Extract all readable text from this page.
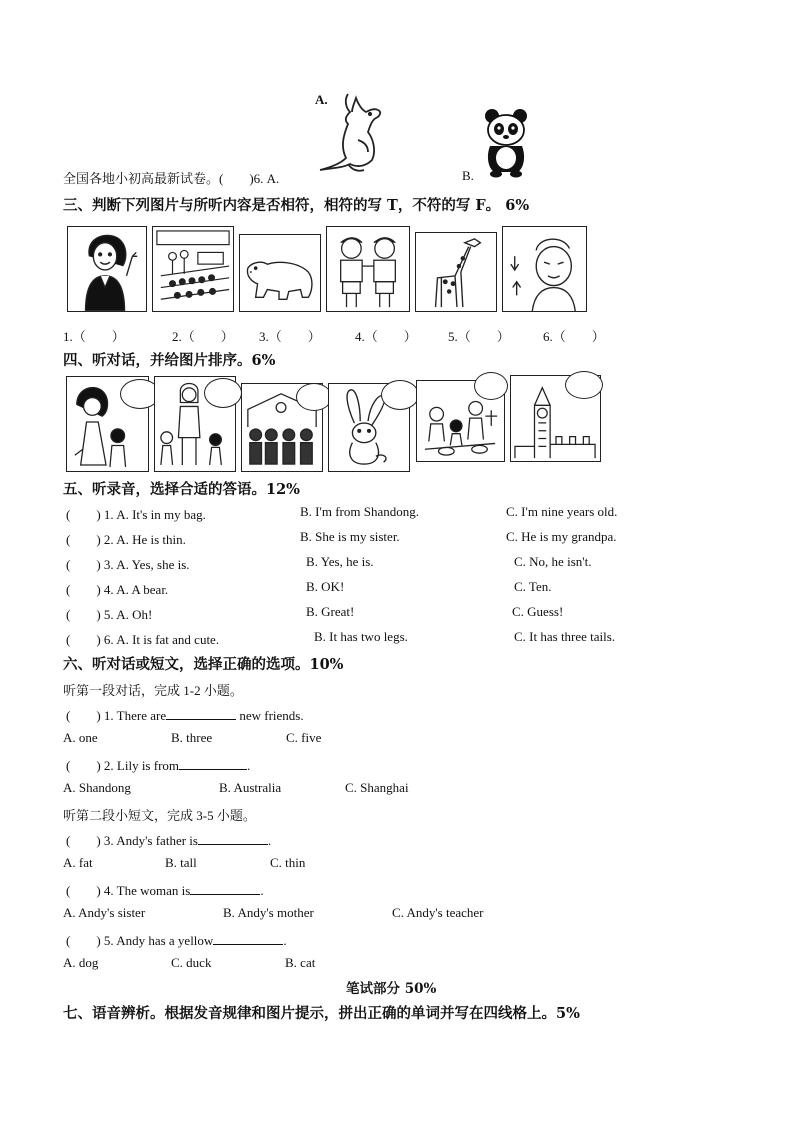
A.
全国各地小初高最新试卷。(　　)6. A.	B.
三、判断下列图片与所听内容是否相符，相符的写 T，不符的写 F。 6%
1.（　　）	2.（　　） 3.（　　）	4.（　　） 5.（　　）	6.（　　）
四、听对话，并给图片排序。6%
五、听录音，选择合适的答语。12%
(　　) 1. A. It's in my bag.	B. I'm from Shandong.	C. I'm nine years old.
(　　) 2. A. He is thin.	B. She is my sister.	C. He is my grandpa.
(　　) 3. A. Yes, she is.	B. Yes, he is.	C. No, he isn't.
(　　) 4. A. A bear.	B. OK!	C. Ten.
(　　) 5. A. Oh!	B. Great!	C. Guess!
(　　) 6. A. It is fat and cute.	B. It has two legs.	C. It has three tails.
六、听对话或短文，选择正确的选项。10%
听第一段对话，完成 1-2 小题。
(　　) 1. There are	new friends.
A. one	B. three	C. five
(　　) 2. Lily is from	.
A. Shandong	B. Australia	C. Shanghai
听第二段小短文，完成 3-5 小题。
(　　) 3. Andy's father is	.
A. fat	B. tall	C. thin
(　　) 4. The woman is	.
A. Andy's sister	B. Andy's mother	C. Andy's teacher
(　　) 5. Andy has a yellow	.
A. dog	C. duck	B. cat
笔试部分 50%
七、语音辨析。根据发音规律和图片提示，拼出正确的单词并写在四线格上。5%
